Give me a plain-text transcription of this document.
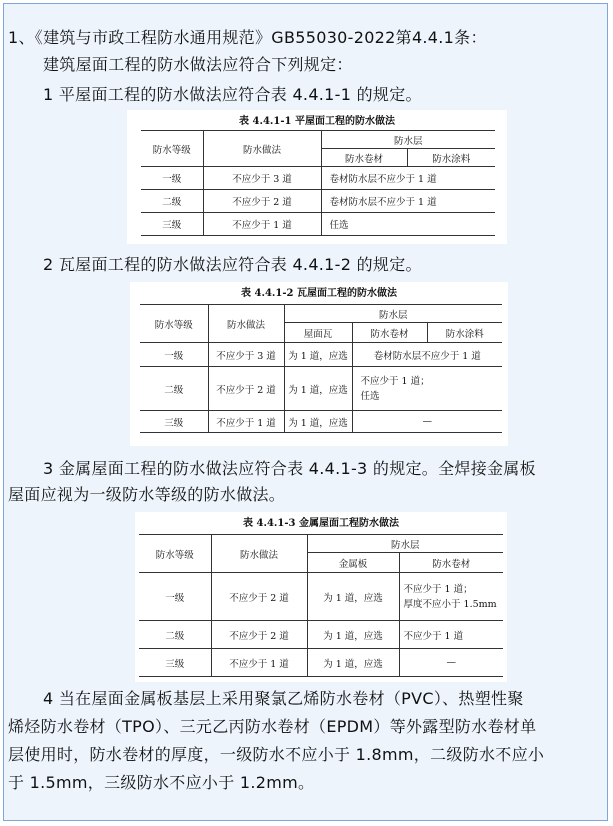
1、《建筑与市政工程防水通用规范》GB55030-2022第4.4.1条：
建筑屋面工程的防水做法应符合下列规定：
1 平屋面工程的防水做法应符合表 4.4.1-1 的规定。
表 4.4.1-1 平屋面工程的防水做法
防水等级	防水做法	防水层	
		防水卷材	防水涂料
一级	不应少于 3 道	卷材防水层不应少于 1 道	
二级	不应少于 2 道	卷材防水层不应少于 1 道	
三级	不应少于 1 道	任选	
2 瓦屋面工程的防水做法应符合表 4.4.1-2 的规定。
表 4.4.1-2 瓦屋面工程的防水做法
防水等级	防水做法	防水层		
		屋面瓦	防水卷材	防水涂料
一级	不应少于 3 道	为 1 道，应选	卷材防水层不应少于 1 道	
二级	不应少于 2 道	为 1 道，应选	不应少于 1 道；
任选	

三级	不应少于 1 道	为 1 道，应选	—	
3 金属屋面工程的防水做法应符合表 4.4.1-3 的规定。全焊接金属板
屋面应视为一级防水等级的防水做法。
表 4.4.1-3 金属屋面工程防水做法
防水等级	防水做法	防水层	
		金属板	防水卷材
一级	不应少于 2 道	为 1 道，应选	不应少于 1 道；
厚度不应小于 1.5mm

二级	不应少于 2 道	为 1 道，应选	不应少于 1 道
三级	不应少于 1 道	为 1 道，应选	—
4 当在屋面金属板基层上采用聚氯乙烯防水卷材（PVC）、热塑性聚
烯烃防水卷材（TPO）、三元乙丙防水卷材（EPDM）等外露型防水卷材单
层使用时，防水卷材的厚度，一级防水不应小于 1.8mm，二级防水不应小
于 1.5mm，三级防水不应小于 1.2mm。
